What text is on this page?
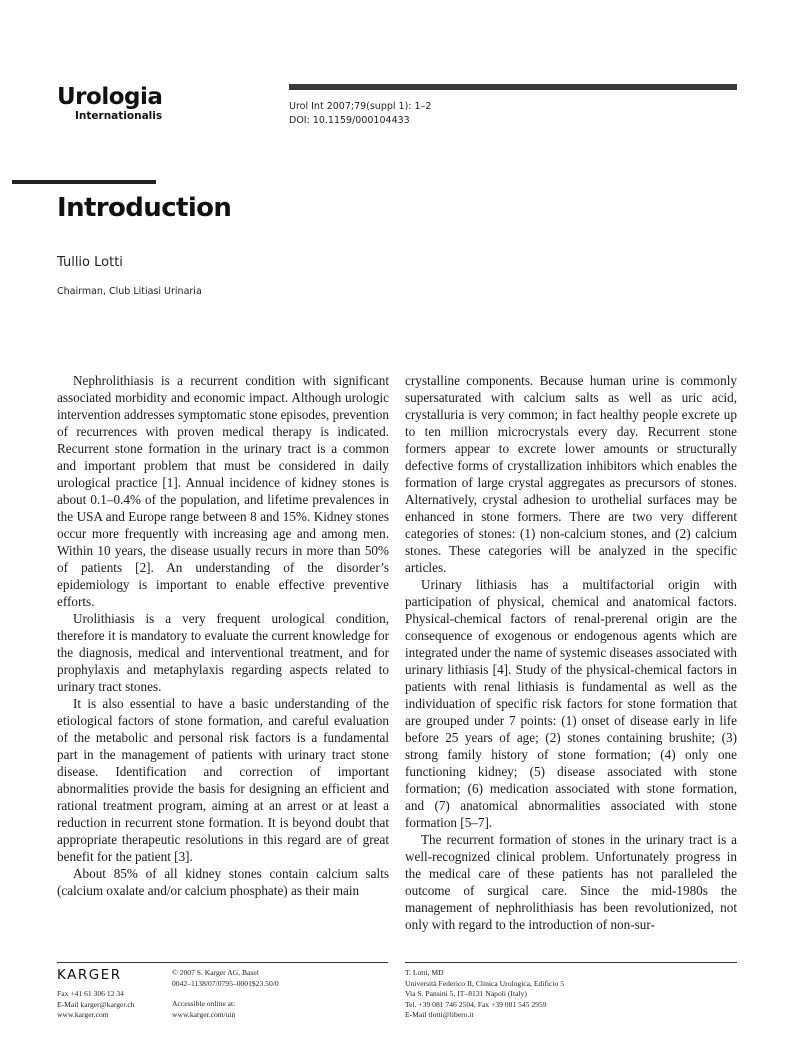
Urologia
Internationalis
Urol Int 2007;79(suppl 1): 1–2
DOI: 10.1159/000104433
Introduction
Tullio Lotti
Chairman, Club Litiasi Urinaria

Nephrolithiasis is a recurrent condition with significant associated morbidity and economic impact. Although urologic intervention addresses symptomatic stone episodes, prevention of recurrences with proven medical therapy is indicated. Recurrent stone formation in the urinary tract is a common and important problem that must be considered in daily urological practice [1]. Annual incidence of kidney stones is about 0.1–0.4% of the population, and lifetime prevalences in the USA and Europe range between 8 and 15%. Kidney stones occur more frequently with increasing age and among men. Within 10 years, the disease usually recurs in more than 50% of patients [2]. An understanding of the disorder’s epidemiology is important to enable effective preventive efforts.

Urolithiasis is a very frequent urological condition, therefore it is mandatory to evaluate the current knowledge for the diagnosis, medical and interventional treatment, and for prophylaxis and metaphylaxis regarding aspects related to urinary tract stones.

It is also essential to have a basic understanding of the etiological factors of stone formation, and careful evaluation of the metabolic and personal risk factors is a fundamental part in the management of patients with urinary tract stone disease. Identification and correction of important abnormalities provide the basis for designing an efficient and rational treatment program, aiming at an arrest or at least a reduction in recurrent stone formation. It is beyond doubt that appropriate therapeutic resolutions in this regard are of great benefit for the patient [3].

About 85% of all kidney stones contain calcium salts (calcium oxalate and/or calcium phosphate) as their main

crystalline components. Because human urine is commonly supersaturated with calcium salts as well as uric acid, crystalluria is very common; in fact healthy people excrete up to ten million microcrystals every day. Recurrent stone formers appear to excrete lower amounts or structurally defective forms of crystallization inhibitors which enables the formation of large crystal aggregates as precursors of stones. Alternatively, crystal adhesion to urothelial surfaces may be enhanced in stone formers. There are two very different categories of stones: (1) non-calcium stones, and (2) calcium stones. These categories will be analyzed in the specific articles.

Urinary lithiasis has a multifactorial origin with participation of physical, chemical and anatomical factors. Physical-chemical factors of renal-prerenal origin are the consequence of exogenous or endogenous agents which are integrated under the name of systemic diseases associated with urinary lithiasis [4]. Study of the physical-chemical factors in patients with renal lithiasis is fundamental as well as the individuation of specific risk factors for stone formation that are grouped under 7 points: (1) onset of disease early in life before 25 years of age; (2) stones containing brushite; (3) strong family history of stone formation; (4) only one functioning kidney; (5) disease associated with stone formation; (6) medication associated with stone formation, and (7) anatomical abnormalities associated with stone formation [5–7].

The recurrent formation of stones in the urinary tract is a well-recognized clinical problem. Unfortunately progress in the medical care of these patients has not paralleled the outcome of surgical care. Since the mid-1980s the management of nephrolithiasis has been revolutionized, not only with regard to the introduction of non-sur-

KARGER
Fax +41 61 306 12 34
E-Mail karger@karger.ch
www.karger.com
© 2007 S. Karger AG, Basel
0042–1138/07/0795–0001$23.50/0
Accessible online at:
www.karger.com/uin
T. Lotti, MD
Università Federico II, Clinica Urologica, Edificio 5
Via S. Pansini 5, IT–8131 Napoli (Italy)
Tel. +39 081 746 2504, Fax +39 081 545 2959
E-Mail tlotti@libero.it
